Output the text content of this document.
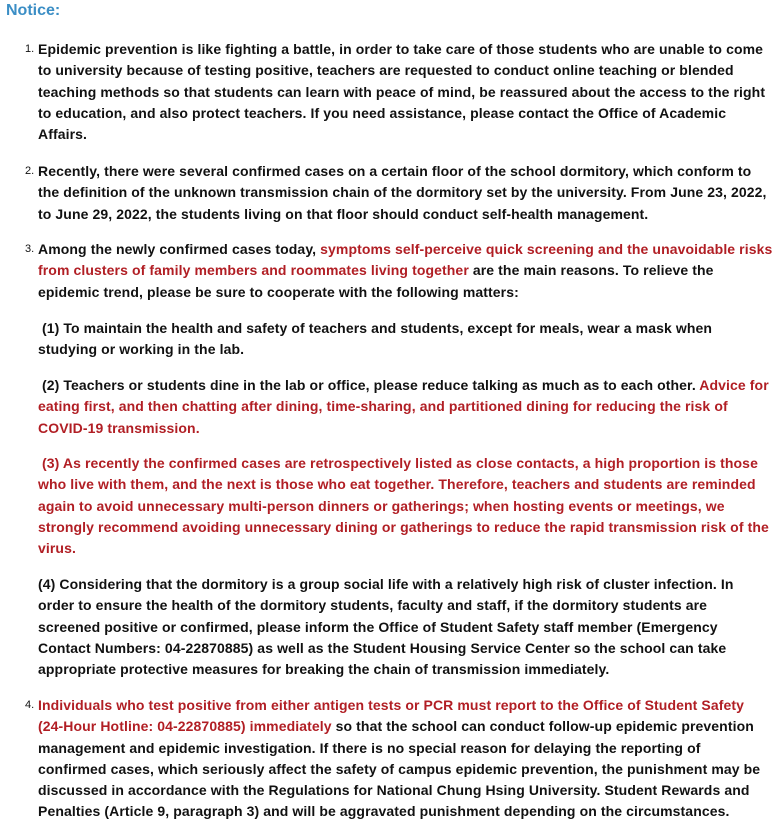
Notice:
1. Epidemic prevention is like fighting a battle, in order to take care of those students who are unable to come to university because of testing positive, teachers are requested to conduct online teaching or blended teaching methods so that students can learn with peace of mind, be reassured about the access to the right to education, and also protect teachers. If you need assistance, please contact the Office of Academic Affairs.
2. Recently, there were several confirmed cases on a certain floor of the school dormitory, which conform to the definition of the unknown transmission chain of the dormitory set by the university. From June 23, 2022, to June 29, 2022, the students living on that floor should conduct self-health management.
3. Among the newly confirmed cases today, symptoms self-perceive quick screening and the unavoidable risks from clusters of family members and roommates living together are the main reasons. To relieve the epidemic trend, please be sure to cooperate with the following matters:
(1) To maintain the health and safety of teachers and students, except for meals, wear a mask when studying or working in the lab.
(2) Teachers or students dine in the lab or office, please reduce talking as much as to each other. Advice for eating first, and then chatting after dining, time-sharing, and partitioned dining for reducing the risk of COVID-19 transmission.
(3) As recently the confirmed cases are retrospectively listed as close contacts, a high proportion is those who live with them, and the next is those who eat together. Therefore, teachers and students are reminded again to avoid unnecessary multi-person dinners or gatherings; when hosting events or meetings, we strongly recommend avoiding unnecessary dining or gatherings to reduce the rapid transmission risk of the virus.
(4) Considering that the dormitory is a group social life with a relatively high risk of cluster infection. In order to ensure the health of the dormitory students, faculty and staff, if the dormitory students are screened positive or confirmed, please inform the Office of Student Safety staff member (Emergency Contact Numbers: 04-22870885) as well as the Student Housing Service Center so the school can take appropriate protective measures for breaking the chain of transmission immediately.
4. Individuals who test positive from either antigen tests or PCR must report to the Office of Student Safety (24-Hour Hotline: 04-22870885) immediately so that the school can conduct follow-up epidemic prevention management and epidemic investigation. If there is no special reason for delaying the reporting of confirmed cases, which seriously affect the safety of campus epidemic prevention, the punishment may be discussed in accordance with the Regulations for National Chung Hsing University. Student Rewards and Penalties (Article 9, paragraph 3) and will be aggravated punishment depending on the circumstances.
